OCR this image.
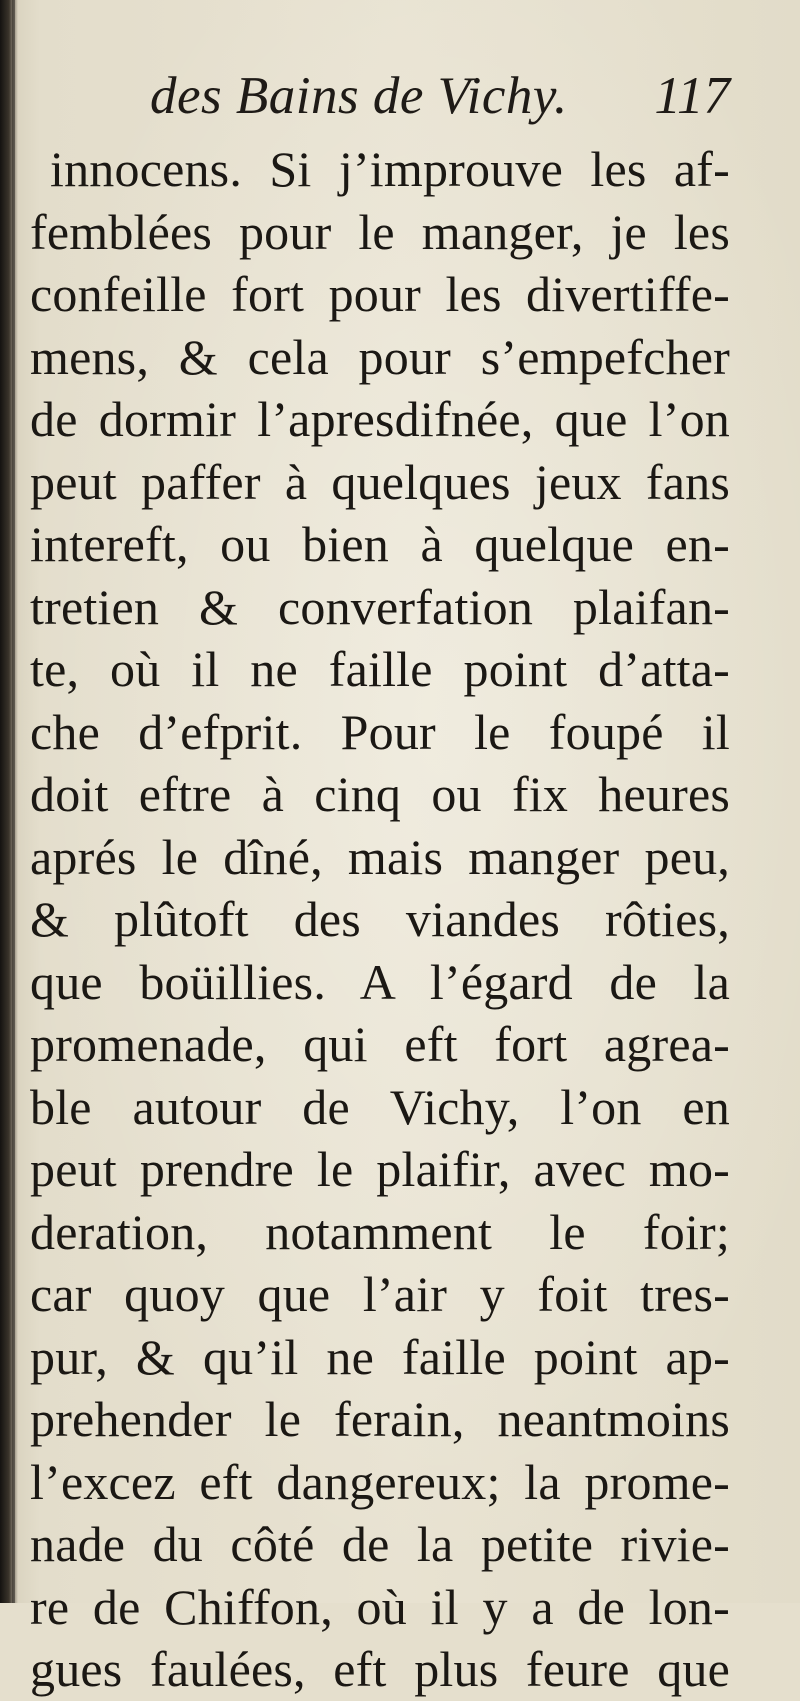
des Bains de Vichy. 117
innocens. Si j’improuve les af-
femblées pour le manger, je les
confeille fort pour les divertiffe-
mens, & cela pour s’empefcher
de dormir l’apresdifnée, que l’on
peut paffer à quelques jeux fans
intereft, ou bien à quelque en-
tretien & converfation plaifan-
te, où il ne faille point d’atta-
che d’efprit. Pour le foupé il
doit eftre à cinq ou fix heures
aprés le dîné, mais manger peu,
& plûtoft des viandes rôties,
que boüillies. A l’égard de la
promenade, qui eft fort agrea-
ble autour de Vichy, l’on en
peut prendre le plaifir, avec mo-
deration, notamment le foir;
car quoy que l’air y foit tres-
pur, & qu’il ne faille point ap-
prehender le ferain, neantmoins
l’excez eft dangereux; la prome-
nade du côté de la petite rivie-
re de Chiffon, où il y a de lon-
gues faulées, eft plus feure que
